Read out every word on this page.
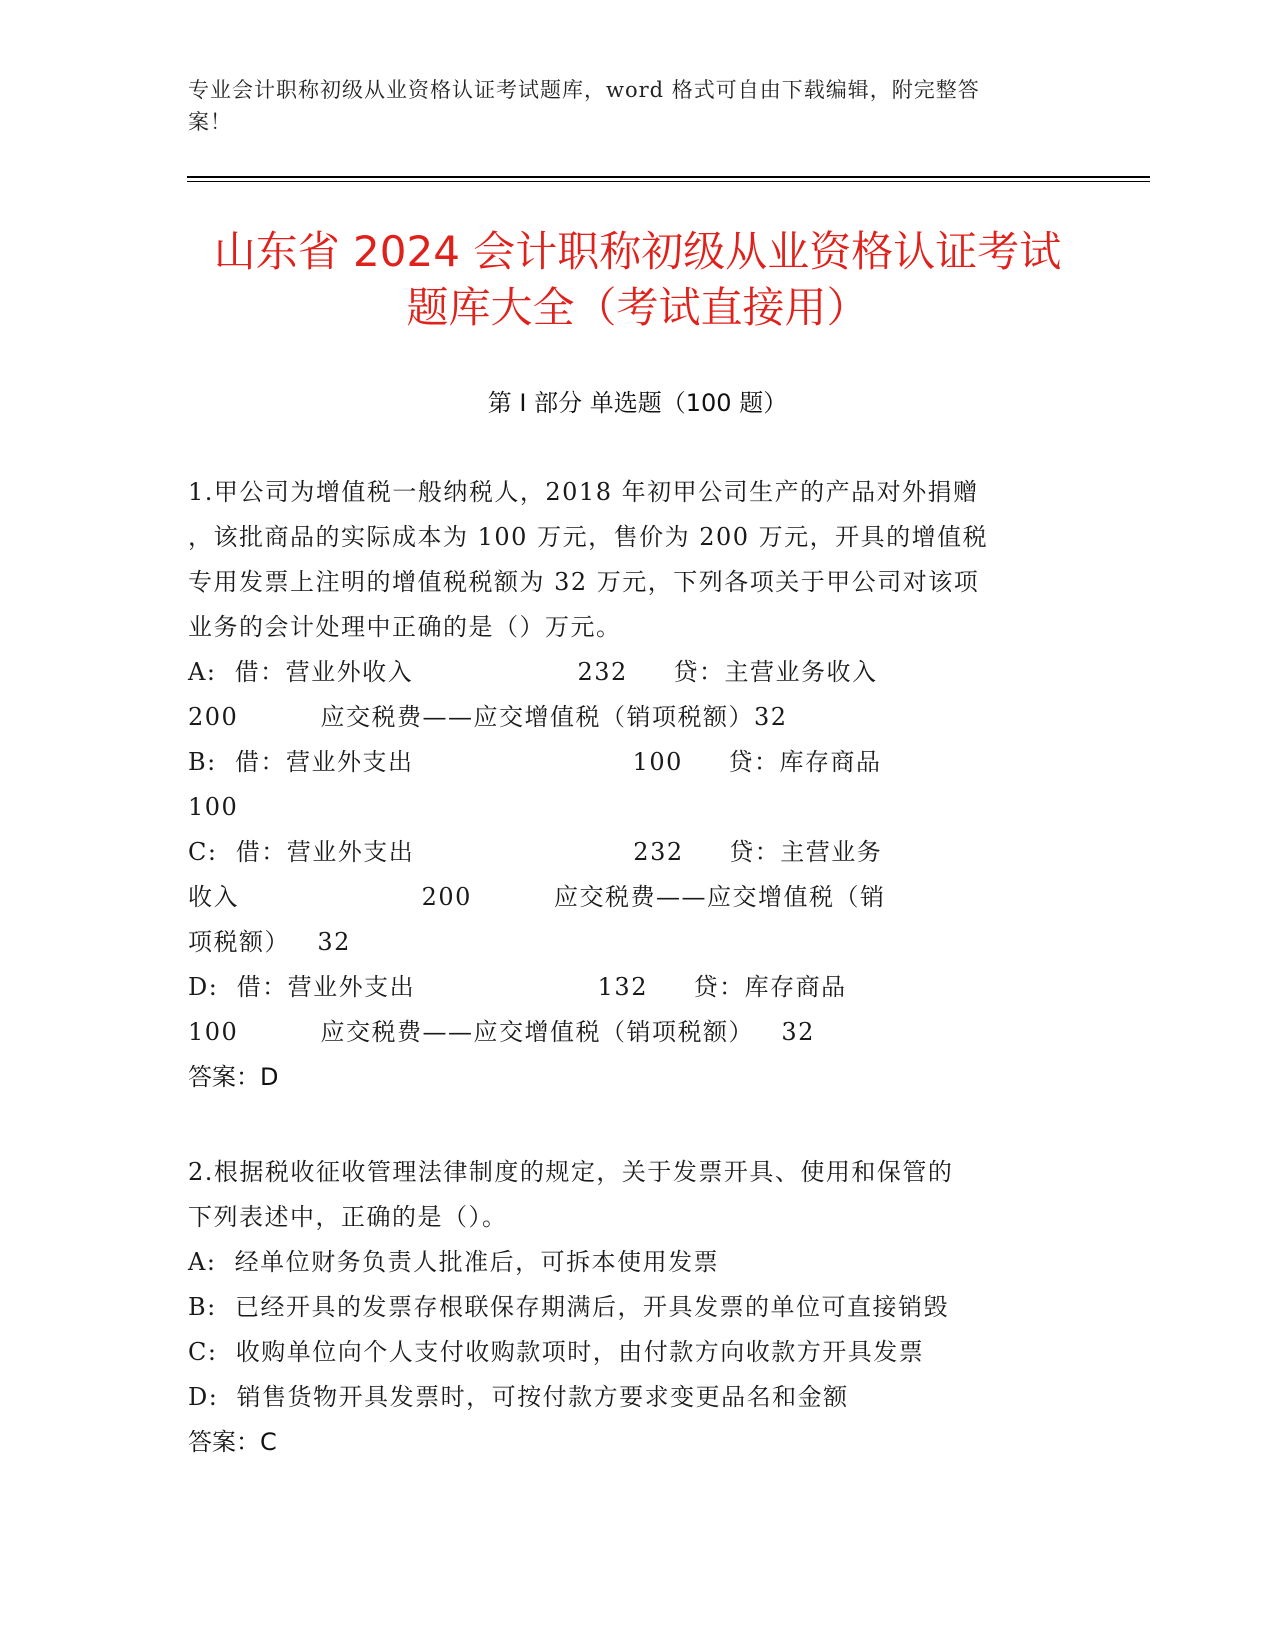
专业会计职称初级从业资格认证考试题库，word 格式可自由下载编辑，附完整答
案！
山东省 2024 会计职称初级从业资格认证考试
题库大全（考试直接用）
第 I 部分 单选题（100 题）
1.甲公司为增值税一般纳税人，2018 年初甲公司生产的产品对外捐赠
，该批商品的实际成本为 100 万元，售价为 200 万元，开具的增值税
专用发票上注明的增值税税额为 32 万元，下列各项关于甲公司对该项
业务的会计处理中正确的是（）万元。
A:  借：营业外收入                  232     贷：主营业务收入
200         应交税费——应交增值税（销项税额）32
B:  借：营业外支出                        100     贷：库存商品
100
C:  借：营业外支出                        232     贷：主营业务
收入                    200         应交税费——应交增值税（销
项税额）   32
D:  借：营业外支出                    132     贷：库存商品
100         应交税费——应交增值税（销项税额）   32
答案：D
2.根据税收征收管理法律制度的规定，关于发票开具、使用和保管的
下列表述中，正确的是（）。
A:  经单位财务负责人批准后，可拆本使用发票
B:  已经开具的发票存根联保存期满后，开具发票的单位可直接销毁
C:  收购单位向个人支付收购款项时，由付款方向收款方开具发票
D:  销售货物开具发票时，可按付款方要求变更品名和金额
答案：C
